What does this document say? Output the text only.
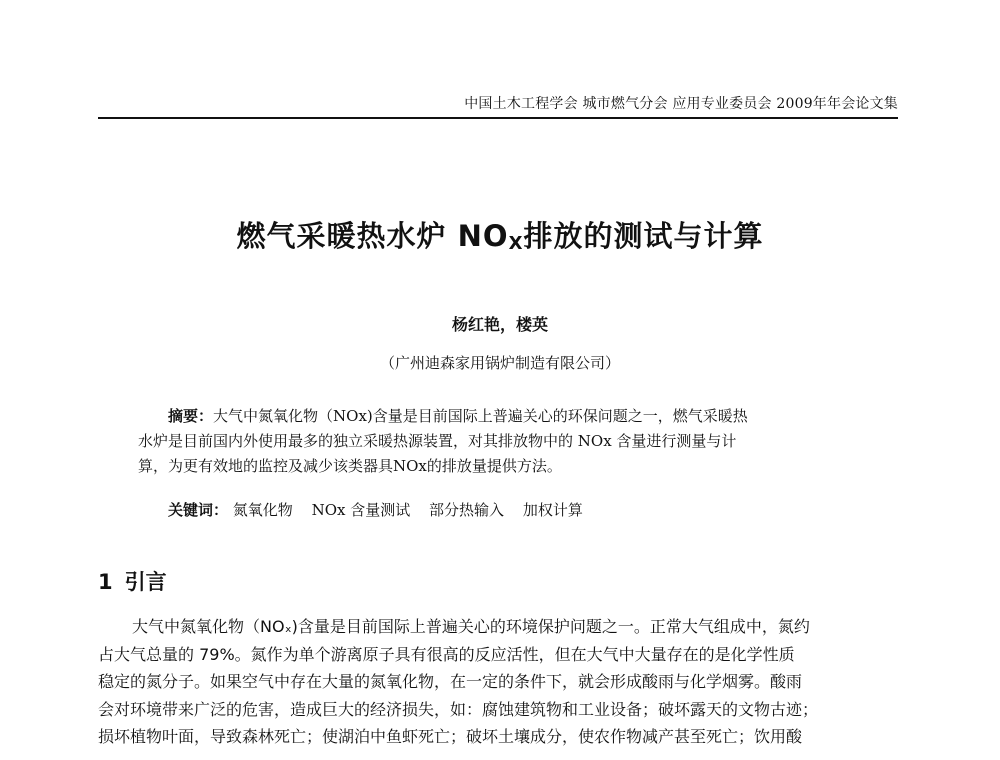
中国土木工程学会 城市燃气分会 应用专业委员会 2009年年会论文集
燃气采暖热水炉 $NO_X$排放的测试与计算
杨红艳，楼英
（广州迪森家用锅炉制造有限公司）
摘要：大气中氮氧化物（NOx)含量是目前国际上普遍关心的环保问题之一，燃气采暖热
水炉是目前国内外使用最多的独立采暖热源装置，对其排放物中的 NOx 含量进行测量与计
算，为更有效地的监控及减少该类器具NOx的排放量提供方法。
关键词： 氮氧化物 NOx 含量测试 部分热输入 加权计算
1 引言
大气中氮氧化物（NOₓ)含量是目前国际上普遍关心的环境保护问题之一。正常大气组成中，氮约
占大气总量的 79%。氮作为单个游离原子具有很高的反应活性，但在大气中大量存在的是化学性质
稳定的氮分子。如果空气中存在大量的氮氧化物，在一定的条件下，就会形成酸雨与化学烟雾。酸雨
会对环境带来广泛的危害，造成巨大的经济损失，如：腐蚀建筑物和工业设备；破坏露天的文物古迹；
损坏植物叶面，导致森林死亡；使湖泊中鱼虾死亡；破坏土壤成分，使农作物减产甚至死亡；饮用酸
